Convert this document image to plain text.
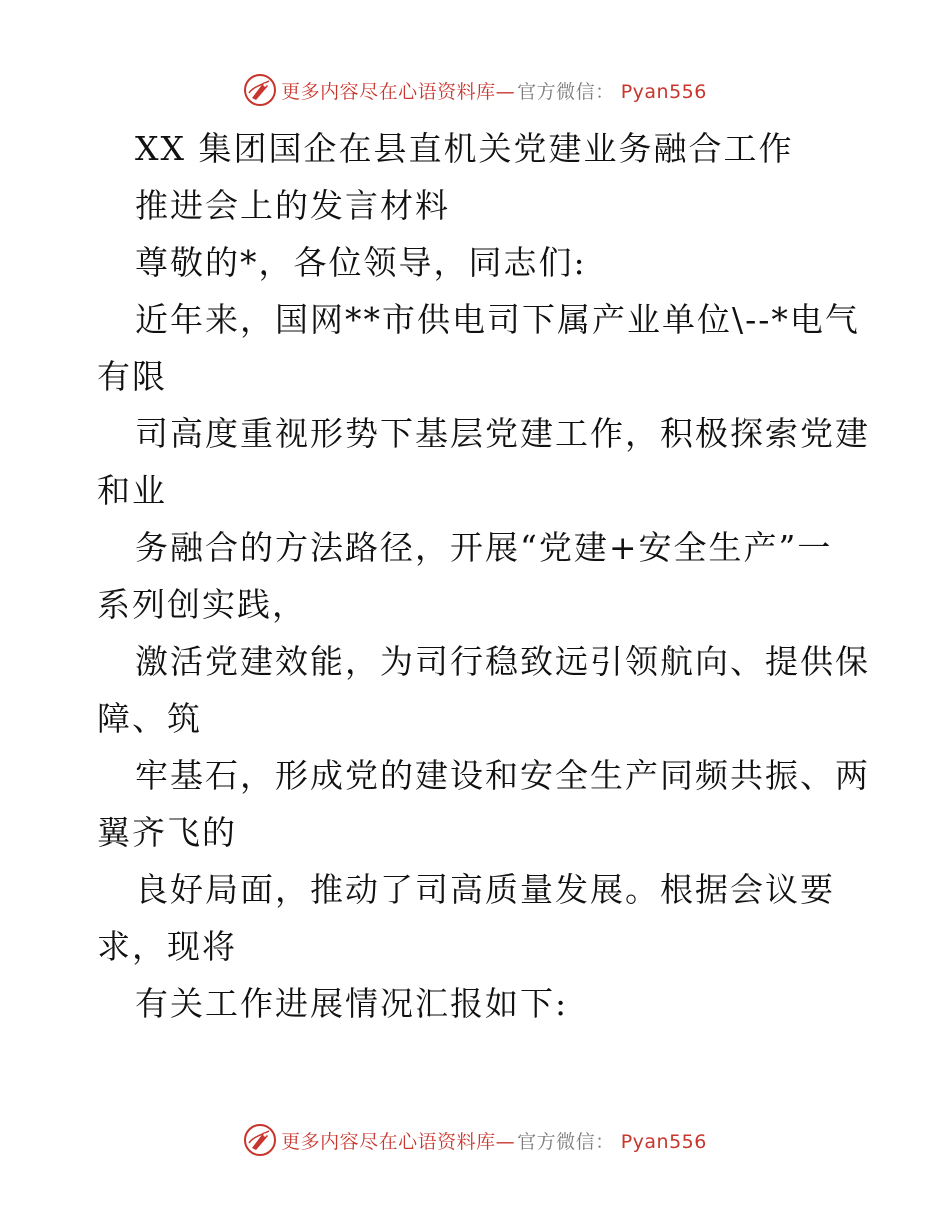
更多内容尽在心语资料库— 官方微信： Pyan556
XX 集团国企在县直机关党建业务融合工作
推进会上的发言材料
尊敬的*，各位领导，同志们:
近年来，国网**市供电司下属产业单位\--*电气
有限
司高度重视形势下基层党建工作，积极探索党建
和业
务融合的方法路径，开展“党建+安全生产”一
系列创实践，
激活党建效能，为司行稳致远引领航向、提供保
障、筑
牢基石，形成党的建设和安全生产同频共振、两
翼齐飞的
良好局面，推动了司高质量发展。根据会议要
求，现将
有关工作进展情况汇报如下:
更多内容尽在心语资料库— 官方微信： Pyan556
